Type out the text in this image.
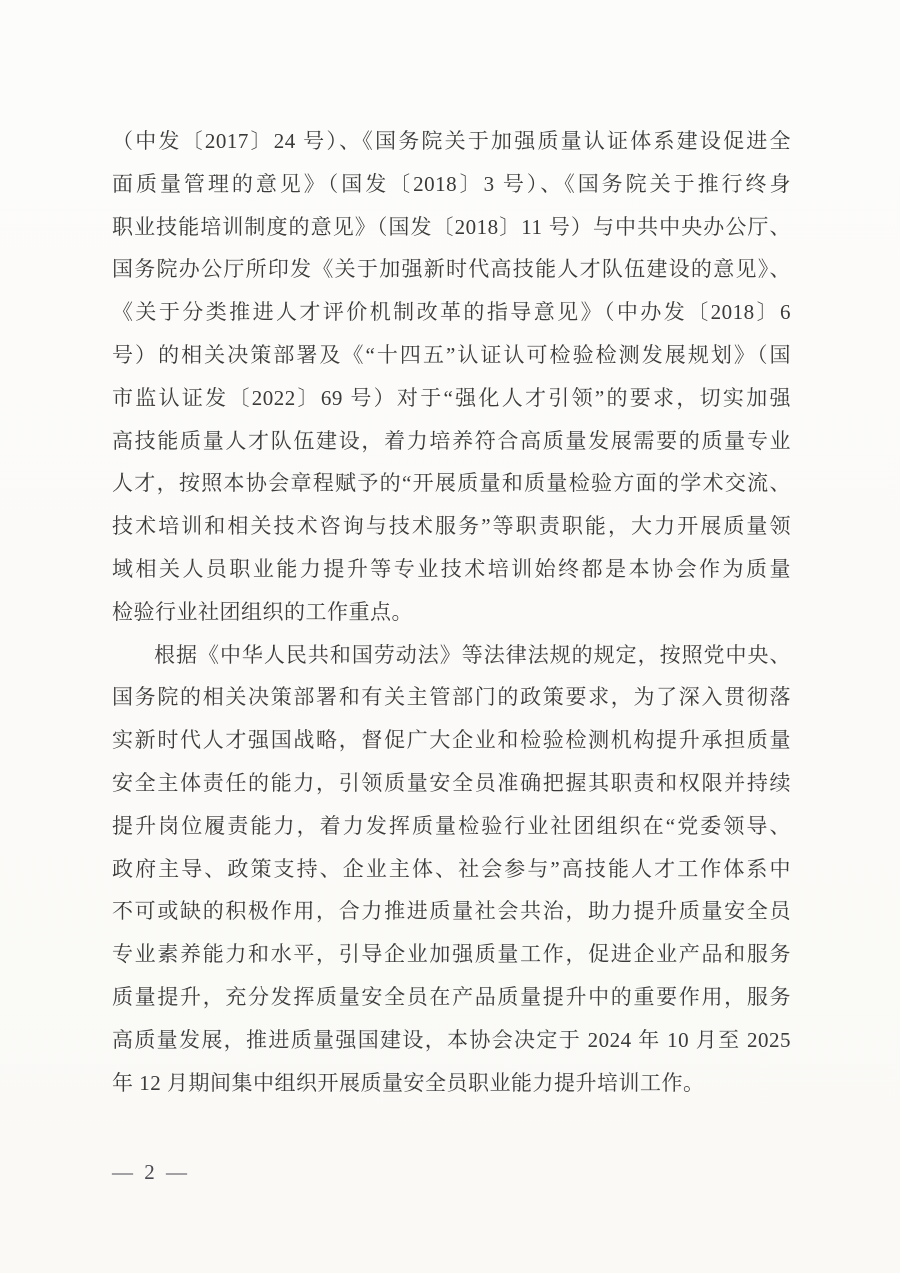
（中发〔2017〕24 号）、《国务院关于加强质量认证体系建设促进全
面质量管理的意见》（国发〔2018〕3 号）、《国务院关于推行终身
职业技能培训制度的意见》（国发〔2018〕11 号）与中共中央办公厅、
国务院办公厅所印发《关于加强新时代高技能人才队伍建设的意见》、
《关于分类推进人才评价机制改革的指导意见》（中办发〔2018〕6
号）的相关决策部署及《“十四五”认证认可检验检测发展规划》（国
市监认证发〔2022〕69 号）对于“强化人才引领”的要求，切实加强
高技能质量人才队伍建设，着力培养符合高质量发展需要的质量专业
人才，按照本协会章程赋予的“开展质量和质量检验方面的学术交流、
技术培训和相关技术咨询与技术服务”等职责职能，大力开展质量领
域相关人员职业能力提升等专业技术培训始终都是本协会作为质量
检验行业社团组织的工作重点。
根据《中华人民共和国劳动法》等法律法规的规定，按照党中央、
国务院的相关决策部署和有关主管部门的政策要求，为了深入贯彻落
实新时代人才强国战略，督促广大企业和检验检测机构提升承担质量
安全主体责任的能力，引领质量安全员准确把握其职责和权限并持续
提升岗位履责能力，着力发挥质量检验行业社团组织在“党委领导、
政府主导、政策支持、企业主体、社会参与”高技能人才工作体系中
不可或缺的积极作用，合力推进质量社会共治，助力提升质量安全员
专业素养能力和水平，引导企业加强质量工作，促进企业产品和服务
质量提升，充分发挥质量安全员在产品质量提升中的重要作用，服务
高质量发展，推进质量强国建设，本协会决定于 2024 年 10 月至 2025
年 12 月期间集中组织开展质量安全员职业能力提升培训工作。
— 2 —
